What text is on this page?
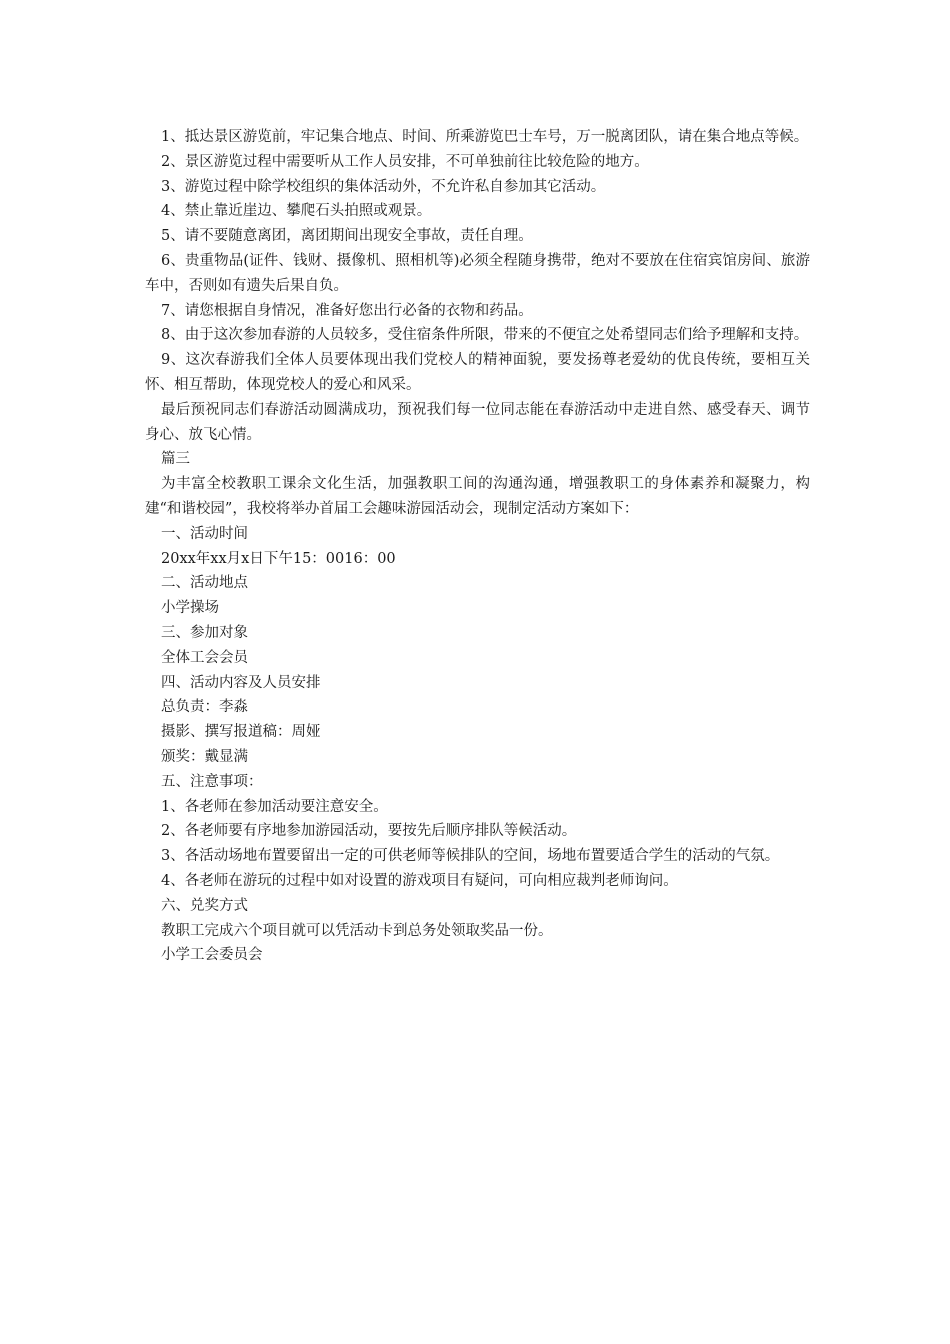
1、抵达景区游览前，牢记集合地点、时间、所乘游览巴士车号，万一脱离团队，请在集合地点等候。

2、景区游览过程中需要听从工作人员安排，不可单独前往比较危险的地方。

3、游览过程中除学校组织的集体活动外，不允许私自参加其它活动。

4、禁止靠近崖边、攀爬石头拍照或观景。

5、请不要随意离团，离团期间出现安全事故，责任自理。

6、贵重物品(证件、钱财、摄像机、照相机等)必须全程随身携带，绝对不要放在住宿宾馆房间、旅游车中，否则如有遗失后果自负。

7、请您根据自身情况，准备好您出行必备的衣物和药品。

8、由于这次参加春游的人员较多，受住宿条件所限，带来的不便宜之处希望同志们给予理解和支持。

9、这次春游我们全体人员要体现出我们党校人的精神面貌，要发扬尊老爱幼的优良传统，要相互关怀、相互帮助，体现党校人的爱心和风采。

最后预祝同志们春游活动圆满成功，预祝我们每一位同志能在春游活动中走进自然、感受春天、调节身心、放飞心情。

篇三

为丰富全校教职工课余文化生活，加强教职工间的沟通沟通，增强教职工的身体素养和凝聚力，构建“和谐校园”，我校将举办首届工会趣味游园活动会，现制定活动方案如下：

一、活动时间

20xx年xx月x日下午15：0016：00

二、活动地点

小学操场

三、参加对象

全体工会会员

四、活动内容及人员安排

总负责：李淼

摄影、撰写报道稿：周娅

颁奖：戴显满

五、注意事项：

1、各老师在参加活动要注意安全。

2、各老师要有序地参加游园活动，要按先后顺序排队等候活动。

3、各活动场地布置要留出一定的可供老师等候排队的空间，场地布置要适合学生的活动的气氛。

4、各老师在游玩的过程中如对设置的游戏项目有疑问，可向相应裁判老师询问。

六、兑奖方式

教职工完成六个项目就可以凭活动卡到总务处领取奖品一份。

小学工会委员会
